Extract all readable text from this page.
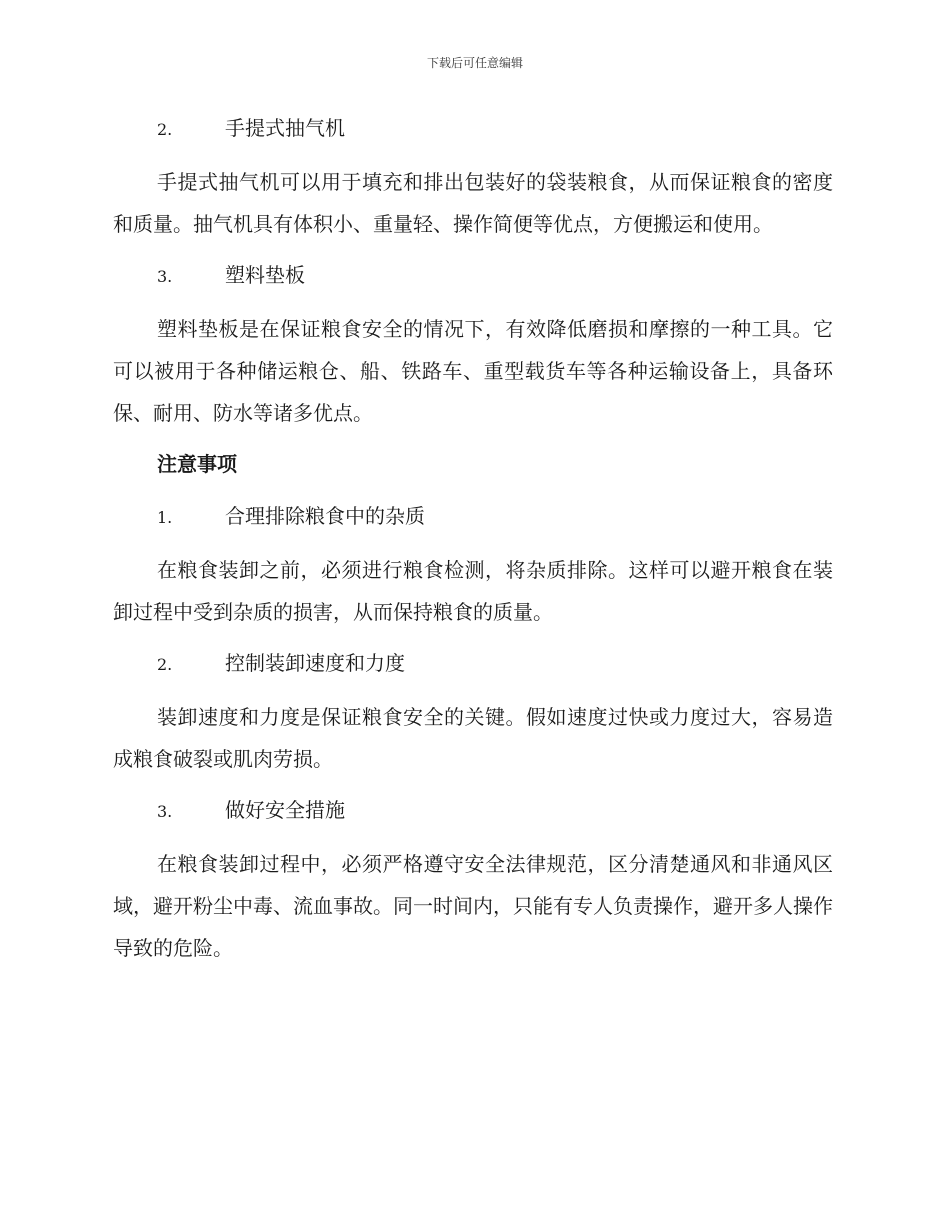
下载后可任意编辑
2.	手提式抽气机

手提式抽气机可以用于填充和排出包装好的袋装粮食，从而保证粮食的密度和质量。抽气机具有体积小、重量轻、操作简便等优点，方便搬运和使用。

3.	塑料垫板

塑料垫板是在保证粮食安全的情况下，有效降低磨损和摩擦的一种工具。它可以被用于各种储运粮仓、船、铁路车、重型载货车等各种运输设备上，具备环保、耐用、防水等诸多优点。

注意事项
1.	合理排除粮食中的杂质

在粮食装卸之前，必须进行粮食检测，将杂质排除。这样可以避开粮食在装卸过程中受到杂质的损害，从而保持粮食的质量。

2.	控制装卸速度和力度

装卸速度和力度是保证粮食安全的关键。假如速度过快或力度过大，容易造成粮食破裂或肌肉劳损。

3.	做好安全措施

在粮食装卸过程中，必须严格遵守安全法律规范，区分清楚通风和非通风区域，避开粉尘中毒、流血事故。同一时间内，只能有专人负责操作，避开多人操作导致的危险。
